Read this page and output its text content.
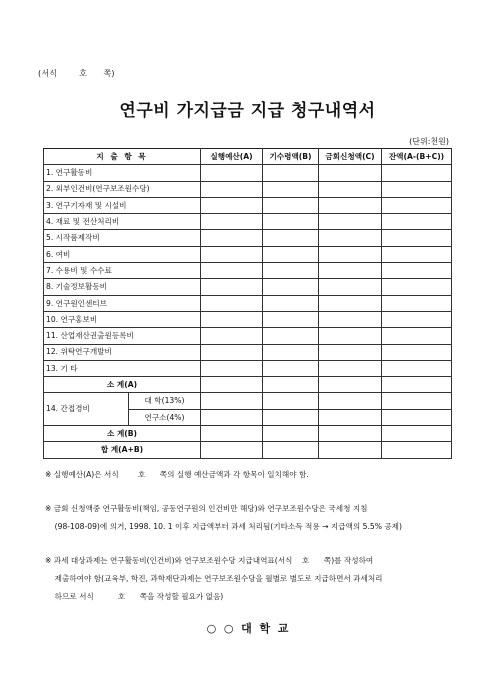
(서식        호      쪽)
연구비 가지급금 지급 청구내역서
(단위:천원)
지 출 항 목		실행예산(A)	기수령액(B)	금회신청액(C)	잔액(A-(B+C))
1. 연구활동비					
2. 외부인건비(연구보조원수당)					
3. 연구기자재 및 시설비					
4. 재료 및 전산처리비					
5. 시작품제작비					
6. 여비					
7. 수용비 및 수수료					
8. 기술정보활동비					
9. 연구원인센티브					
10. 연구홍보비					
11. 산업재산권출원등록비					
12. 위탁연구개발비					
13. 기 타					
소 계(A)					
14. 간접경비	대 학(13%)				
	연구소(4%)				
소 계(B)					
합 계(A+B)					
※ 실행예산(A)은 서식        호      쪽의 실행 예산금액과 각 항목이 일치해야 함.
※ 금회 신청액중 연구활동비(책임, 공동연구원의 인건비만 해당)와 연구보조원수당은 국세청 지침
(98-108-09)에 의거, 1998. 10. 1 이후 지급액부터 과세 처리됨(기타소득 적용 → 지급액의 5.5% 공제)
※ 과세 대상과제는 연구활동비(인건비)와 연구보조원수당 지급내역표(서식    호      쪽)를 작성하여
제출하여야 함(교육부, 학진, 과학재단과제는 연구보조원수당을 월별로 별도로 지급하면서 과세처리
하므로 서식          호      쪽을 작성할 필요가 없음)
○  ○  대  학  교
